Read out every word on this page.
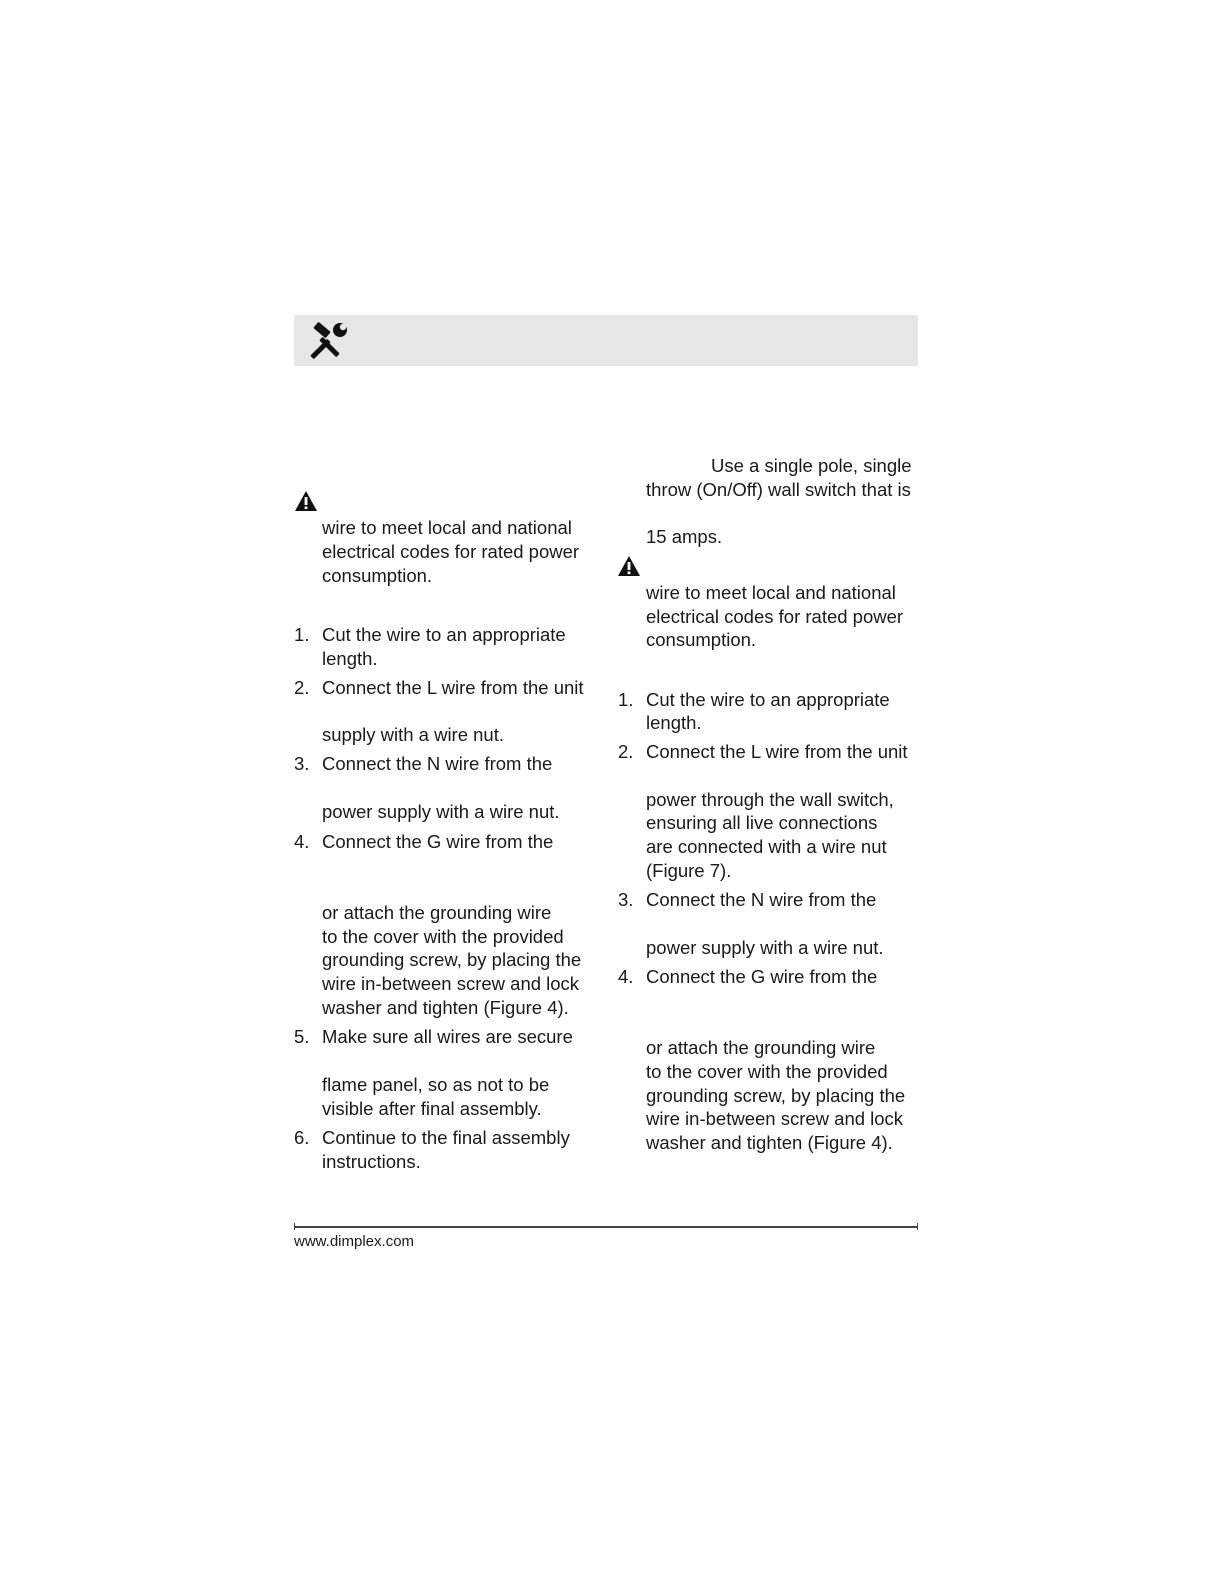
wire to meet local and national
electrical codes for rated power
consumption.
1. Cut the wire to an appropriate
length.
2. Connect the L wire from the unit
supply with a wire nut.
3. Connect the N wire from the
power supply with a wire nut.
4. Connect the G wire from the
or attach the grounding wire
to the cover with the provided
grounding screw, by placing the
wire in-between screw and lock
washer and tighten (Figure 4).
5. Make sure all wires are secure
flame panel, so as not to be
visible after final assembly.
6. Continue to the final assembly
instructions.
Use a single pole, single
throw (On/Off) wall switch that is
15 amps.
wire to meet local and national
electrical codes for rated power
consumption.
1. Cut the wire to an appropriate
length.
2. Connect the L wire from the unit
power through the wall switch,
ensuring all live connections
are connected with a wire nut
(Figure 7).
3. Connect the N wire from the
power supply with a wire nut.
4. Connect the G wire from the
or attach the grounding wire
to the cover with the provided
grounding screw, by placing the
wire in-between screw and lock
washer and tighten (Figure 4).
www.dimplex.com
